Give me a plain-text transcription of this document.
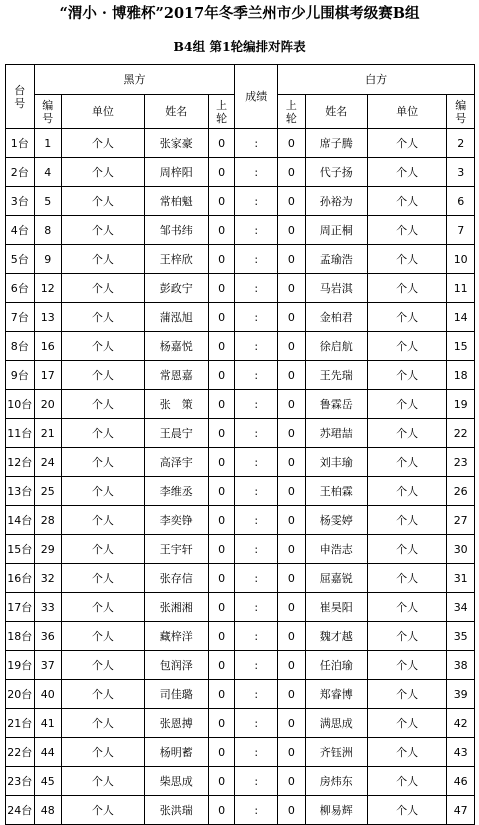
“渭小 · 博雅杯”2017年冬季兰州市少儿围棋考级赛B组
B4组 第1轮编排对阵表
台号	黑方				成绩	白方			
	编号	单位	姓名	上轮		上轮	姓名	单位	编号
1台	1	个人	张家豪	0	:	0	席子腾	个人	2
2台	4	个人	周梓阳	0	:	0	代子扬	个人	3
3台	5	个人	常柏魁	0	:	0	孙裕为	个人	6
4台	8	个人	邹书纬	0	:	0	周正桐	个人	7
5台	9	个人	王梓欣	0	:	0	孟瑜浩	个人	10
6台	12	个人	彭政宁	0	:	0	马岩淇	个人	11
7台	13	个人	蒲泓旭	0	:	0	金柏君	个人	14
8台	16	个人	杨嘉悦	0	:	0	徐启航	个人	15
9台	17	个人	常恩嘉	0	:	0	王先瑞	个人	18
10台	20	个人	张　策	0	:	0	鲁霖岳	个人	19
11台	21	个人	王晨宁	0	:	0	苏珺喆	个人	22
12台	24	个人	高泽宇	0	:	0	刘丰瑜	个人	23
13台	25	个人	李维丞	0	:	0	王柏霖	个人	26
14台	28	个人	李奕铮	0	:	0	杨雯婷	个人	27
15台	29	个人	王宇轩	0	:	0	申浩志	个人	30
16台	32	个人	张存信	0	:	0	屈嘉锐	个人	31
17台	33	个人	张湘湘	0	:	0	崔昊阳	个人	34
18台	36	个人	藏梓洋	0	:	0	魏才越	个人	35
19台	37	个人	包润泽	0	:	0	任泊瑜	个人	38
20台	40	个人	司佳璐	0	:	0	郑睿博	个人	39
21台	41	个人	张恩搏	0	:	0	满思成	个人	42
22台	44	个人	杨明蓄	0	:	0	齐钰洲	个人	43
23台	45	个人	柴思成	0	:	0	房炜东	个人	46
24台	48	个人	张洪瑞	0	:	0	柳易辉	个人	47
